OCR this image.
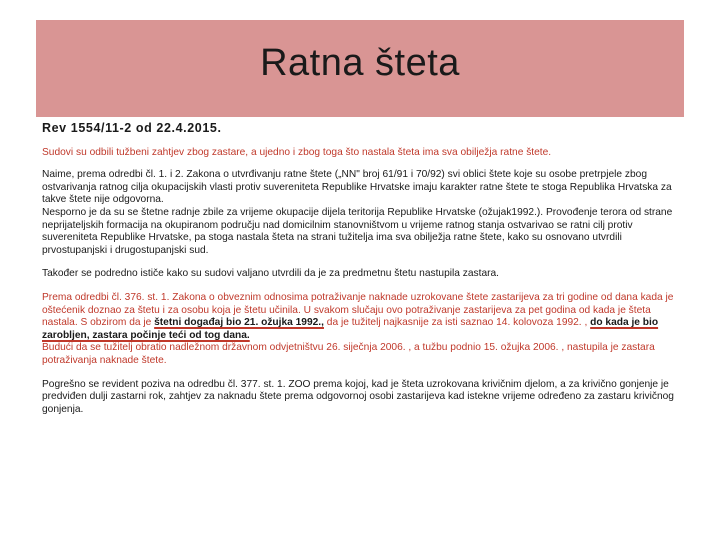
Ratna šteta

Rev 1554/11-2 od 22.4.2015.

Sudovi su odbili tužbeni zahtjev zbog zastare, a ujedno i zbog toga što nastala šteta ima sva obilježja ratne štete.

Naime, prema odredbi čl. 1. i 2. Zakona o utvrđivanju ratne štete („NN" broj 61/91 i 70/92) svi oblici štete koje su osobe pretrpjele zbog ostvarivanja ratnog cilja okupacijskih vlasti protiv suvereniteta Republike Hrvatske imaju karakter ratne štete te stoga Republika Hrvatska za takve štete nije odgovorna.

Nesporno je da su se štetne radnje zbile za vrijeme okupacije dijela teritorija Republike Hrvatske (ožujak1992.). Provođenje terora od strane neprijateljskih formacija na okupiranom području nad domicilnim stanovništvom u vrijeme ratnog stanja ostvarivao se ratni cilj protiv suvereniteta Republike Hrvatske, pa stoga nastala šteta na strani tužitelja ima sva obilježja ratne štete, kako su osnovano utvrdili prvostupanjski i drugostupanjski sud.

Također se podredno ističe kako su sudovi valjano utvrdili da je za predmetnu štetu nastupila zastara.

Prema odredbi čl. 376. st. 1. Zakona o obveznim odnosima potraživanje naknade uzrokovane štete zastarijeva za tri godine od dana kada je oštećenik doznao za štetu i za osobu koja je štetu učinila. U svakom slučaju ovo potraživanje zastarijeva za pet godina od kada je šteta nastala. S obzirom da je štetni događaj bio 21. ožujka 1992., da je tužitelj najkasnije za isti saznao 14. kolovoza 1992. , do kada je bio zarobljen, zastara počinje teći od tog dana.

Budući da se tužitelj obratio nadležnom državnom odvjetništvu 26. siječnja 2006. , a tužbu podnio 15. ožujka 2006. , nastupila je zastara potraživanja naknade štete.

Pogrešno se revident poziva na odredbu čl. 377. st. 1. ZOO prema kojoj, kad je šteta uzrokovana krivičnim djelom, a za krivično gonjenje je predviđen dulji zastarni rok, zahtjev za naknadu štete prema odgovornoj osobi zastarijeva kad istekne vrijeme određeno za zastaru krivičnog gonjenja.
